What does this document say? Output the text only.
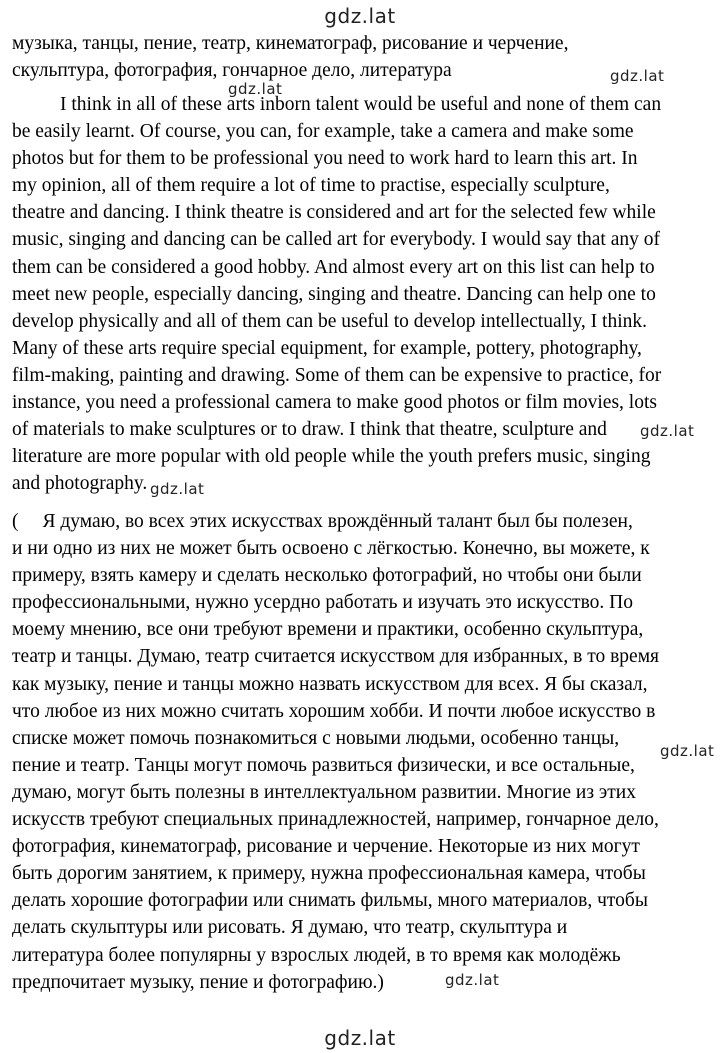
gdz.lat
музыка, танцы, пение, театр, кинематограф, рисование и черчение,
скульптура, фотография, гончарное дело, литература
I think in all of these arts inborn talent would be useful and none of them can
be easily learnt. Of course, you can, for example, take a camera and make some
photos but for them to be professional you need to work hard to learn this art. In
my opinion, all of them require a lot of time to practise, especially sculpture,
theatre and dancing. I think theatre is considered and art for the selected few while
music, singing and dancing can be called art for everybody. I would say that any of
them can be considered a good hobby. And almost every art on this list can help to
meet new people, especially dancing, singing and theatre. Dancing can help one to
develop physically and all of them can be useful to develop intellectually, I think.
Many of these arts require special equipment, for example, pottery, photography,
film-making, painting and drawing. Some of them can be expensive to practice, for
instance, you need a professional camera to make good photos or film movies, lots
of materials to make sculptures or to draw. I think that theatre, sculpture and
literature are more popular with old people while the youth prefers music, singing
and photography.
( Я думаю, во всех этих искусствах врождённый талант был бы полезен,
и ни одно из них не может быть освоено с лёгкостью. Конечно, вы можете, к
примеру, взять камеру и сделать несколько фотографий, но чтобы они были
профессиональными, нужно усердно работать и изучать это искусство. По
моему мнению, все они требуют времени и практики, особенно скульптура,
театр и танцы. Думаю, театр считается искусством для избранных, в то время
как музыку, пение и танцы можно назвать искусством для всех. Я бы сказал,
что любое из них можно считать хорошим хобби. И почти любое искусство в
списке может помочь познакомиться с новыми людьми, особенно танцы,
пение и театр. Танцы могут помочь развиться физически, и все остальные,
думаю, могут быть полезны в интеллектуальном развитии. Многие из этих
искусств требуют специальных принадлежностей, например, гончарное дело,
фотография, кинематограф, рисование и черчение. Некоторые из них могут
быть дорогим занятием, к примеру, нужна профессиональная камера, чтобы
делать хорошие фотографии или снимать фильмы, много материалов, чтобы
делать скульптуры или рисовать. Я думаю, что театр, скульптура и
литература более популярны у взрослых людей, в то время как молодёжь
предпочитает музыку, пение и фотографию.)
gdz.lat
gdz.lat
gdz.lat
gdz.lat
gdz.lat
gdz.lat
gdz.lat
